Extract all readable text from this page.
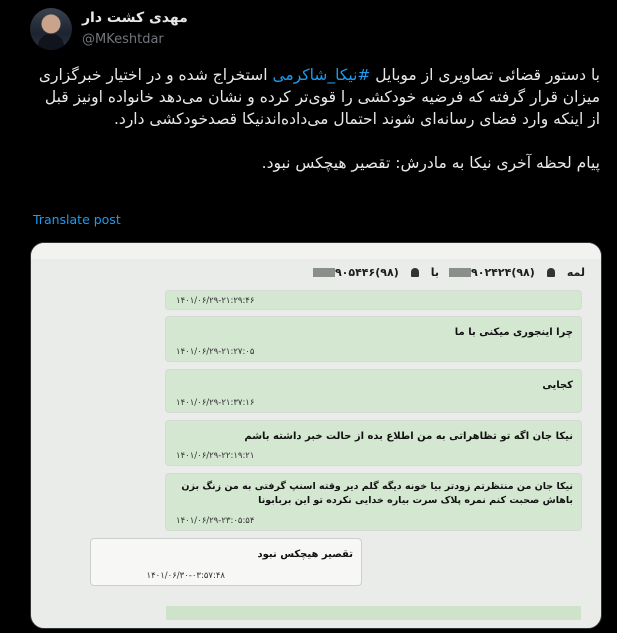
مهدی کشت دار
@MKeshtdar

با دستور قضائی تصاویری از موبایل #نیکا_شاکرمی استخراج شده و در اختیار خبرگزاری میزان قرار گرفته که فرضیه خودکشی را قوی‌تر کرده و نشان می‌دهد خانواده اونیز قبل از اینکه وارد فضای رسانه‌ای شوند احتمال می‌داده‌اندنیکا قصدخودکشی دارد.

پیام لحظه آخری نیکا به مادرش: تقصیر هیچکس نبود.

Translate post
لمه
(۹۸)۹۰۲۴۲۴
با
(۹۸)۹۰۵۴۴۶
۱۴۰۱/۰۶/۲۹-۲۱:۲۹:۴۶
چرا اینجوری میکنی با ما
۱۴۰۱/۰۶/۲۹-۲۱:۲۷:۰۵
کجایی
۱۴۰۱/۰۶/۲۹-۲۱:۳۷:۱۶
نیکا جان اگه تو تظاهراتی به من اطلاع بده از حالت خبر داشته باشم
۱۴۰۱/۰۶/۲۹-۲۲:۱۹:۲۱
نیکا جان من منتظرتم زودتر بیا خونه دیگه گلم دیر وقته اسنپ گرفتی به من زنگ بزن باهاش صحبت کنم نمره پلاک سرت بیاره خدایی نکرده تو این بربابونا
۱۴۰۱/۰۶/۲۹-۲۳:۰۵:۵۴
تقصیر هیچکس نبود
۱۴۰۱/۰۶/۳۰-۰۳:۵۷:۴۸
